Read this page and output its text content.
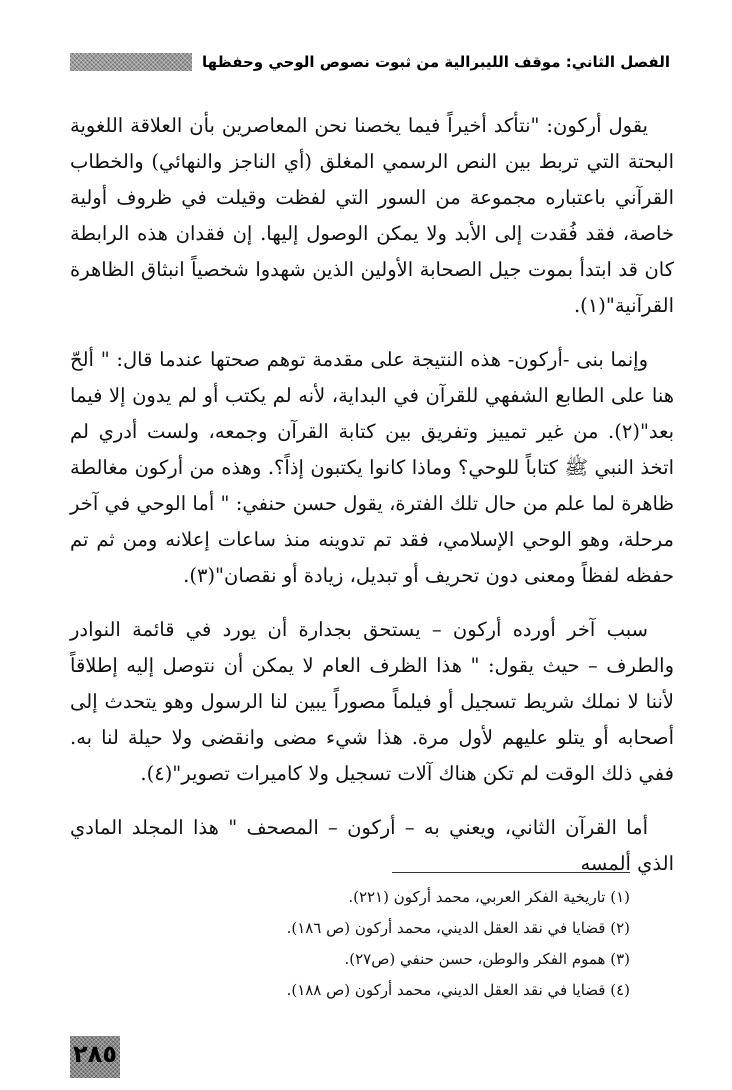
الفصل الثاني: موقف الليبرالية من ثبوت نصوص الوحي وحفظها

يقول أركون: "نتأكد أخيراً فيما يخصنا نحن المعاصرين بأن العلاقة اللغوية البحتة التي تربط بين النص الرسمي المغلق (أي الناجز والنهائي) والخطاب القرآني باعتباره مجموعة من السور التي لفظت وقيلت في ظروف أولية خاصة، فقد فُقدت إلى الأبد ولا يمكن الوصول إليها. إن فقدان هذه الرابطة كان قد ابتدأ بموت جيل الصحابة الأولين الذين شهدوا شخصياً انبثاق الظاهرة القرآنية"(١).

وإنما بنى -أركون- هذه النتيجة على مقدمة توهم صحتها عندما قال: " ألحّ هنا على الطابع الشفهي للقرآن في البداية، لأنه لم يكتب أو لم يدون إلا فيما بعد"(٢). من غير تمييز وتفريق بين كتابة القرآن وجمعه، ولست أدري لم اتخذ النبي ﷺ كتاباً للوحي؟ وماذا كانوا يكتبون إذاً؟. وهذه من أركون مغالطة ظاهرة لما علم من حال تلك الفترة، يقول حسن حنفي: " أما الوحي في آخر مرحلة، وهو الوحي الإسلامي، فقد تم تدوينه منذ ساعات إعلانه ومن ثم تم حفظه لفظاً ومعنى دون تحريف أو تبديل، زيادة أو نقصان"(٣).

سبب آخر أورده أركون – يستحق بجدارة أن يورد في قائمة النوادر والطرف – حيث يقول: " هذا الظرف العام لا يمكن أن نتوصل إليه إطلاقاً لأننا لا نملك شريط تسجيل أو فيلماً مصوراً يبين لنا الرسول وهو يتحدث إلى أصحابه أو يتلو عليهم لأول مرة. هذا شيء مضى وانقضى ولا حيلة لنا به. ففي ذلك الوقت لم تكن هناك آلات تسجيل ولا كاميرات تصوير"(٤).

أما القرآن الثاني، ويعني به – أركون – المصحف " هذا المجلد المادي الذي ألمسه

(١) تاريخية الفكر العربي، محمد أركون (٢٢١).

(٢) قضايا في نقد العقل الديني، محمد أركون (ص ١٨٦).

(٣) هموم الفكر والوطن، حسن حنفي (ص٢٧).

(٤) قضايا في نقد العقل الديني، محمد أركون (ص ١٨٨).

٢٨٥
